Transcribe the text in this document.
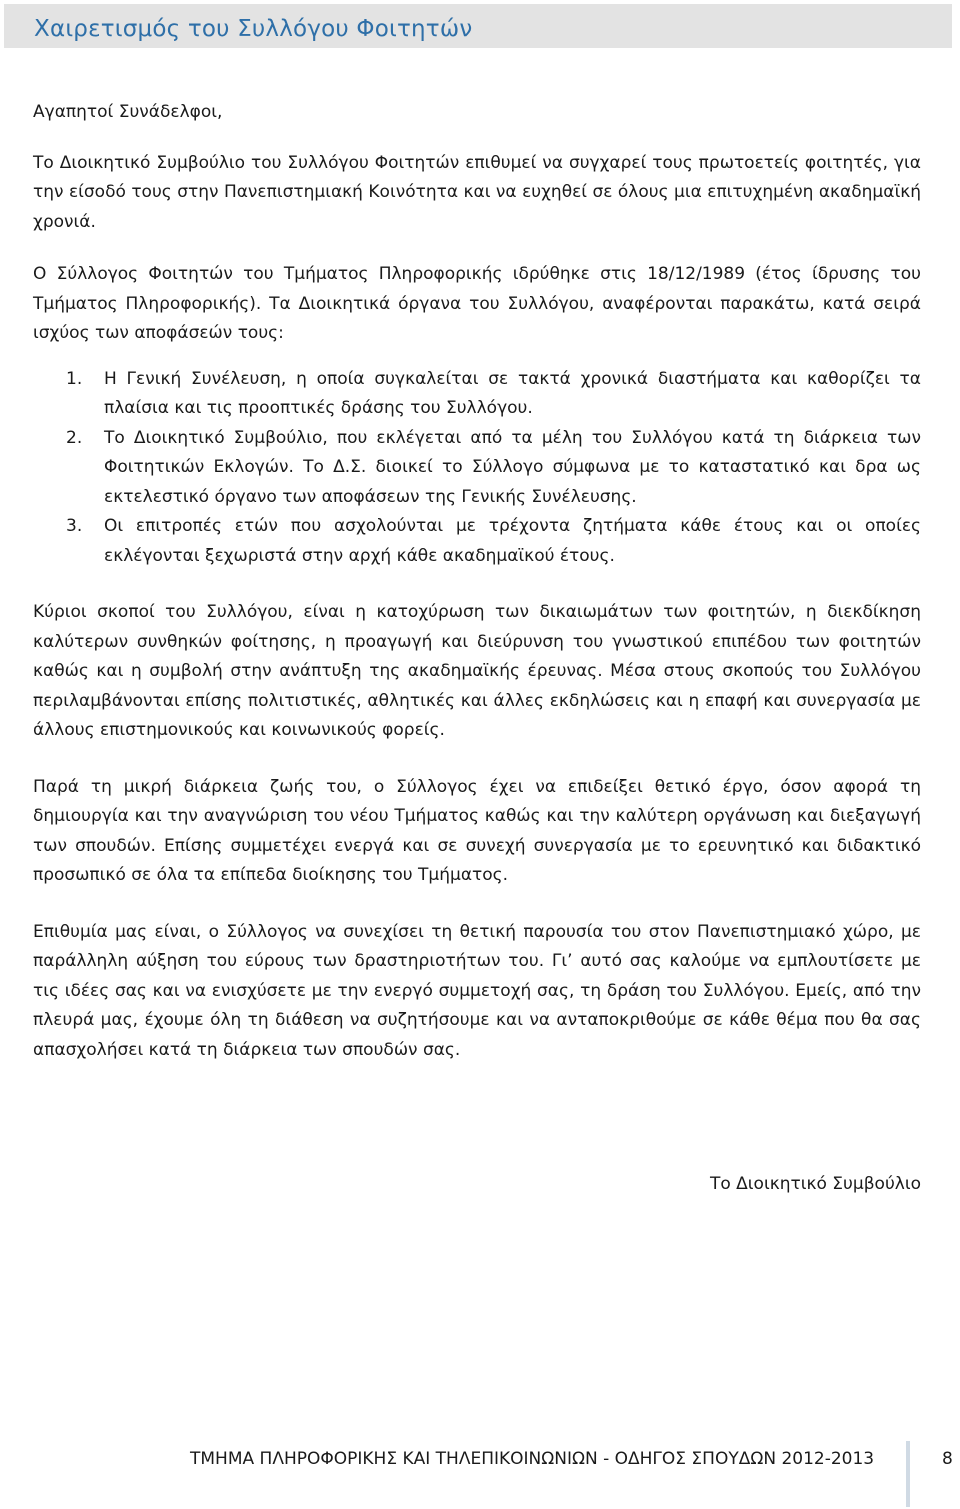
Χαιρετισμός του Συλλόγου Φοιτητών

Αγαπητοί Συνάδελφοι,

Το Διοικητικό Συμβούλιο του Συλλόγου Φοιτητών επιθυμεί να συγχαρεί τους πρωτοετείς φοιτητές, για την είσοδό τους στην Πανεπιστημιακή Κοινότητα και να ευχηθεί σε όλους μια επιτυχημένη ακαδημαϊκή χρονιά.

Ο Σύλλογος Φοιτητών του Τμήματος Πληροφορικής ιδρύθηκε στις 18/12/1989 (έτος ίδρυσης του Τμήματος Πληροφορικής). Τα Διοικητικά όργανα του Συλλόγου, αναφέρονται παρακάτω, κατά σειρά ισχύος των αποφάσεών τους:

1. Η Γενική Συνέλευση, η οποία συγκαλείται σε τακτά χρονικά διαστήματα και καθορίζει τα πλαίσια και τις προοπτικές δράσης του Συλλόγου.
2. Το Διοικητικό Συμβούλιο, που εκλέγεται από τα μέλη του Συλλόγου κατά τη διάρκεια των Φοιτητικών Εκλογών. Το Δ.Σ. διοικεί το Σύλλογο σύμφωνα με το καταστατικό και δρα ως εκτελεστικό όργανο των αποφάσεων της Γενικής Συνέλευσης.
3. Οι επιτροπές ετών που ασχολούνται με τρέχοντα ζητήματα κάθε έτους και οι οποίες εκλέγονται ξεχωριστά στην αρχή κάθε ακαδημαϊκού έτους.

Κύριοι σκοποί του Συλλόγου, είναι η κατοχύρωση των δικαιωμάτων των φοιτητών, η διεκδίκηση καλύτερων συνθηκών φοίτησης, η προαγωγή και διεύρυνση του γνωστικού επιπέδου των φοιτητών καθώς και η συμβολή στην ανάπτυξη της ακαδημαϊκής έρευνας. Μέσα στους σκοπούς του Συλλόγου περιλαμβάνονται επίσης πολιτιστικές, αθλητικές και άλλες εκδηλώσεις και η επαφή και συνεργασία με άλλους επιστημονικούς και κοινωνικούς φορείς.

Παρά τη μικρή διάρκεια ζωής του, ο Σύλλογος έχει να επιδείξει θετικό έργο, όσον αφορά τη δημιουργία και την αναγνώριση του νέου Τμήματος καθώς και την καλύτερη οργάνωση και διεξαγωγή των σπουδών. Επίσης συμμετέχει ενεργά και σε συνεχή συνεργασία με το ερευνητικό και διδακτικό προσωπικό σε όλα τα επίπεδα διοίκησης του Τμήματος.

Επιθυμία μας είναι, ο Σύλλογος να συνεχίσει τη θετική παρουσία του στον Πανεπιστημιακό χώρο, με παράλληλη αύξηση του εύρους των δραστηριοτήτων του. Γι’ αυτό σας καλούμε να εμπλουτίσετε με τις ιδέες σας και να ενισχύσετε με την ενεργό συμμετοχή σας, τη δράση του Συλλόγου. Εμείς, από την πλευρά μας, έχουμε όλη τη διάθεση να συζητήσουμε και να ανταποκριθούμε σε κάθε θέμα που θα σας απασχολήσει κατά τη διάρκεια των σπουδών σας.

Το Διοικητικό Συμβούλιο
ΤΜΗΜΑ ΠΛΗΡΟΦΟΡΙΚΗΣ ΚΑΙ ΤΗΛΕΠΙΚΟΙΝΩΝΙΩΝ - ΟΔΗΓΟΣ ΣΠΟΥΔΩΝ 2012-2013	8
